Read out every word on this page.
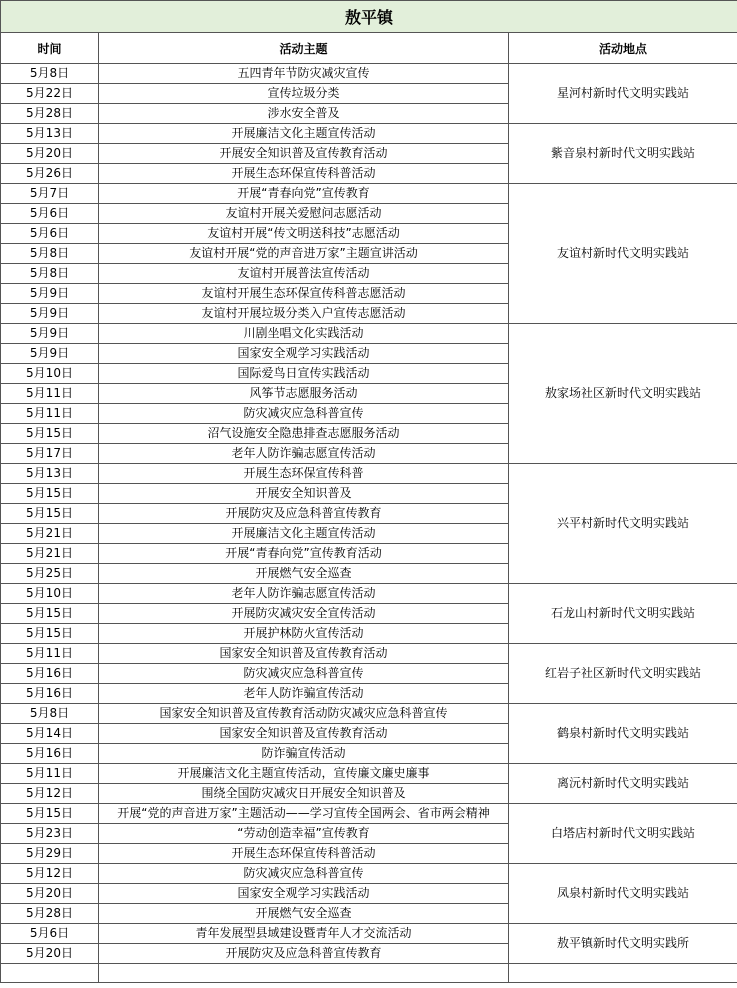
敖平镇		
时间	活动主题	活动地点
5月8日	五四青年节防灾减灾宣传	星河村新时代文明实践站
5月22日	宣传垃圾分类	
5月28日	涉水安全普及	
5月13日	开展廉洁文化主题宣传活动	紫音泉村新时代文明实践站
5月20日	开展安全知识普及宣传教育活动	
5月26日	开展生态环保宣传科普活动	
5月7日	开展“青春向党”宣传教育	友谊村新时代文明实践站
5月6日	友谊村开展关爱慰问志愿活动	
5月6日	友谊村开展“传文明送科技”志愿活动	
5月8日	友谊村开展“党的声音进万家”主题宣讲活动	
5月8日	友谊村开展普法宣传活动	
5月9日	友谊村开展生态环保宣传科普志愿活动	
5月9日	友谊村开展垃圾分类入户宣传志愿活动	
5月9日	川剧坐唱文化实践活动	敖家场社区新时代文明实践站
5月9日	国家安全观学习实践活动	
5月10日	国际爱鸟日宣传实践活动	
5月11日	风筝节志愿服务活动	
5月11日	防灾减灾应急科普宣传	
5月15日	沼气设施安全隐患排查志愿服务活动	
5月17日	老年人防诈骗志愿宣传活动	
5月13日	开展生态环保宣传科普	兴平村新时代文明实践站
5月15日	开展安全知识普及	
5月15日	开展防灾及应急科普宣传教育	
5月21日	开展廉洁文化主题宣传活动	
5月21日	开展“青春向党”宣传教育活动	
5月25日	开展燃气安全巡查	
5月10日	老年人防诈骗志愿宣传活动	石龙山村新时代文明实践站
5月15日	开展防灾减灾安全宣传活动	
5月15日	开展护林防火宣传活动	
5月11日	国家安全知识普及宣传教育活动	红岩子社区新时代文明实践站
5月16日	防灾减灾应急科普宣传	
5月16日	老年人防诈骗宣传活动	
5月8日	国家安全知识普及宣传教育活动防灾减灾应急科普宣传	鹤泉村新时代文明实践站
5月14日	国家安全知识普及宣传教育活动	
5月16日	防诈骗宣传活动	
5月11日	开展廉洁文化主题宣传活动，宣传廉文廉史廉事	离沅村新时代文明实践站
5月12日	围绕全国防灾减灾日开展安全知识普及	
5月15日	开展“党的声音进万家”主题活动——学习宣传全国两会、省市两会精神	白塔店村新时代文明实践站
5月23日	“劳动创造幸福”宣传教育	
5月29日	开展生态环保宣传科普活动	
5月12日	防灾减灾应急科普宣传	凤泉村新时代文明实践站
5月20日	国家安全观学习实践活动	
5月28日	开展燃气安全巡查	
5月6日	青年发展型县域建设暨青年人才交流活动	敖平镇新时代文明实践所
5月20日	开展防灾及应急科普宣传教育	
